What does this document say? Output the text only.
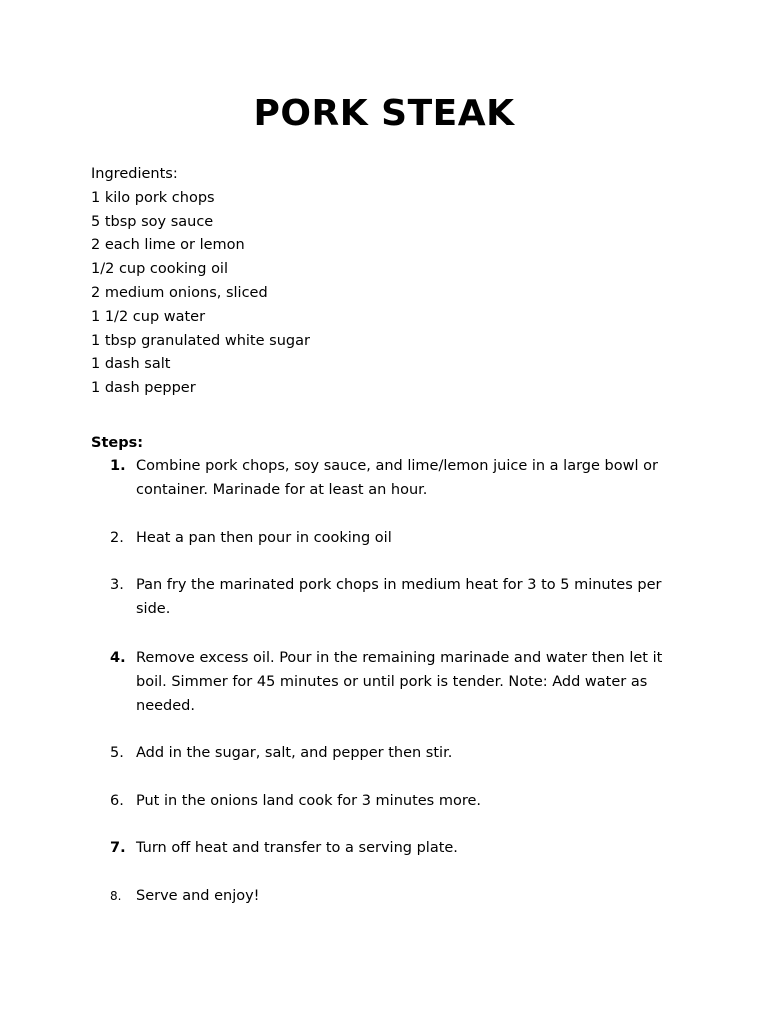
PORK STEAK
Ingredients:
1 kilo pork chops
5 tbsp soy sauce
2 each lime or lemon
1/2 cup cooking oil
2 medium onions, sliced
1 1/2 cup water
1 tbsp granulated white sugar
1 dash salt
1 dash pepper
Steps:
1. Combine pork chops, soy sauce, and lime/lemon juice in a large bowl or container. Marinade for at least an hour.
2. Heat a pan then pour in cooking oil
3. Pan fry the marinated pork chops in medium heat for 3 to 5 minutes per side.
4. Remove excess oil. Pour in the remaining marinade and water then let it boil. Simmer for 45 minutes or until pork is tender. Note: Add water as needed.
5. Add in the sugar, salt, and pepper then stir.
6. Put in the onions land cook for 3 minutes more.
7. Turn off heat and transfer to a serving plate.
8. Serve and enjoy!
